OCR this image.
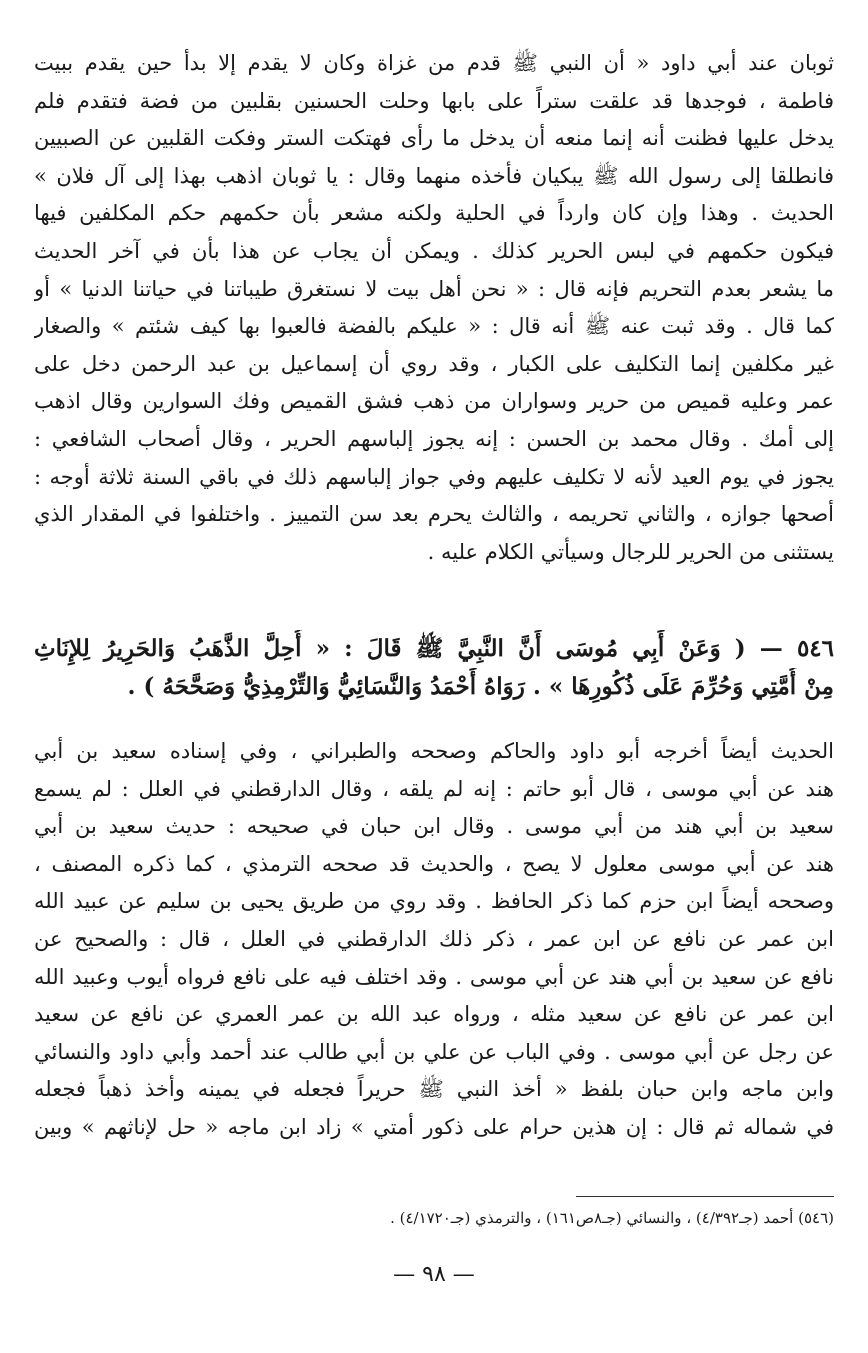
ثوبان عند أبي داود « أن النبي ﷺ قدم من غزاة وكان لا يقدم إلا بدأ حين يقدم ببيت
فاطمة ، فوجدها قد علقت ستراً على بابها وحلت الحسنين بقلبين من فضة فتقدم فلم
يدخل عليها فظنت أنه إنما منعه أن يدخل ما رأى فهتكت الستر وفكت القلبين عن الصبيين
فانطلقا إلى رسول الله ﷺ يبكيان فأخذه منهما وقال : يا ثوبان اذهب بهذا إلى آل فلان »
الحديث . وهذا وإن كان وارداً في الحلية ولكنه مشعر بأن حكمهم حكم المكلفين فيها
فيكون حكمهم في لبس الحرير كذلك . ويمكن أن يجاب عن هذا بأن في آخر الحديث
ما يشعر بعدم التحريم فإنه قال : « نحن أهل بيت لا نستغرق طيباتنا في حياتنا الدنيا » أو
كما قال . وقد ثبت عنه ﷺ أنه قال : « عليكم بالفضة فالعبوا بها كيف شئتم » والصغار
غير مكلفين إنما التكليف على الكبار ، وقد روي أن إسماعيل بن عبد الرحمن دخل على
عمر وعليه قميص من حرير وسواران من ذهب فشق القميص وفك السوارين وقال اذهب
إلى أمك . وقال محمد بن الحسن : إنه يجوز إلباسهم الحرير ، وقال أصحاب الشافعي :
يجوز في يوم العيد لأنه لا تكليف عليهم وفي جواز إلباسهم ذلك في باقي السنة ثلاثة أوجه :
أصحها جوازه ، والثاني تحريمه ، والثالث يحرم بعد سن التمييز . واختلفوا في المقدار الذي
يستثنى من الحرير للرجال وسيأتي الكلام عليه .
٥٤٦ — ( وَعَنْ أَبِي مُوسَى أَنَّ النَّبِيَّ ﷺ قَالَ : « أُحِلَّ الذَّهَبُ وَالحَرِيرُ لِلإِنَاثِ
مِنْ أُمَّتِي وَحُرِّمَ عَلَى ذُكُورِهَا » . رَوَاهُ أَحْمَدُ وَالنَّسَائِيُّ وَالتِّرْمِذِيُّ وَصَحَّحَهُ ) .
الحديث أيضاً أخرجه أبو داود والحاكم وصححه والطبراني ، وفي إسناده سعيد بن أبي
هند عن أبي موسى ، قال أبو حاتم : إنه لم يلقه ، وقال الدارقطني في العلل : لم يسمع
سعيد بن أبي هند من أبي موسى . وقال ابن حبان في صحيحه : حديث سعيد بن أبي
هند عن أبي موسى معلول لا يصح ، والحديث قد صححه الترمذي ، كما ذكره المصنف ،
وصححه أيضاً ابن حزم كما ذكر الحافظ . وقد روي من طريق يحيى بن سليم عن عبيد الله
ابن عمر عن نافع عن ابن عمر ، ذكر ذلك الدارقطني في العلل ، قال : والصحيح عن
نافع عن سعيد بن أبي هند عن أبي موسى . وقد اختلف فيه على نافع فرواه أيوب وعبيد الله
ابن عمر عن نافع عن سعيد مثله ، ورواه عبد الله بن عمر العمري عن نافع عن سعيد
عن رجل عن أبي موسى . وفي الباب عن علي بن أبي طالب عند أحمد وأبي داود والنسائي
وابن ماجه وابن حبان بلفظ « أخذ النبي ﷺ حريراً فجعله في يمينه وأخذ ذهباً فجعله
في شماله ثم قال : إن هذين حرام على ذكور أمتي » زاد ابن ماجه « حل لإناثهم » وبين
(٥٤٦) أحمد (جـ٤/٣٩٢) ، والنسائي (جـ٨ص١٦١) ، والترمذي (جـ٤/١٧٢٠) .
— ٩٨ —
